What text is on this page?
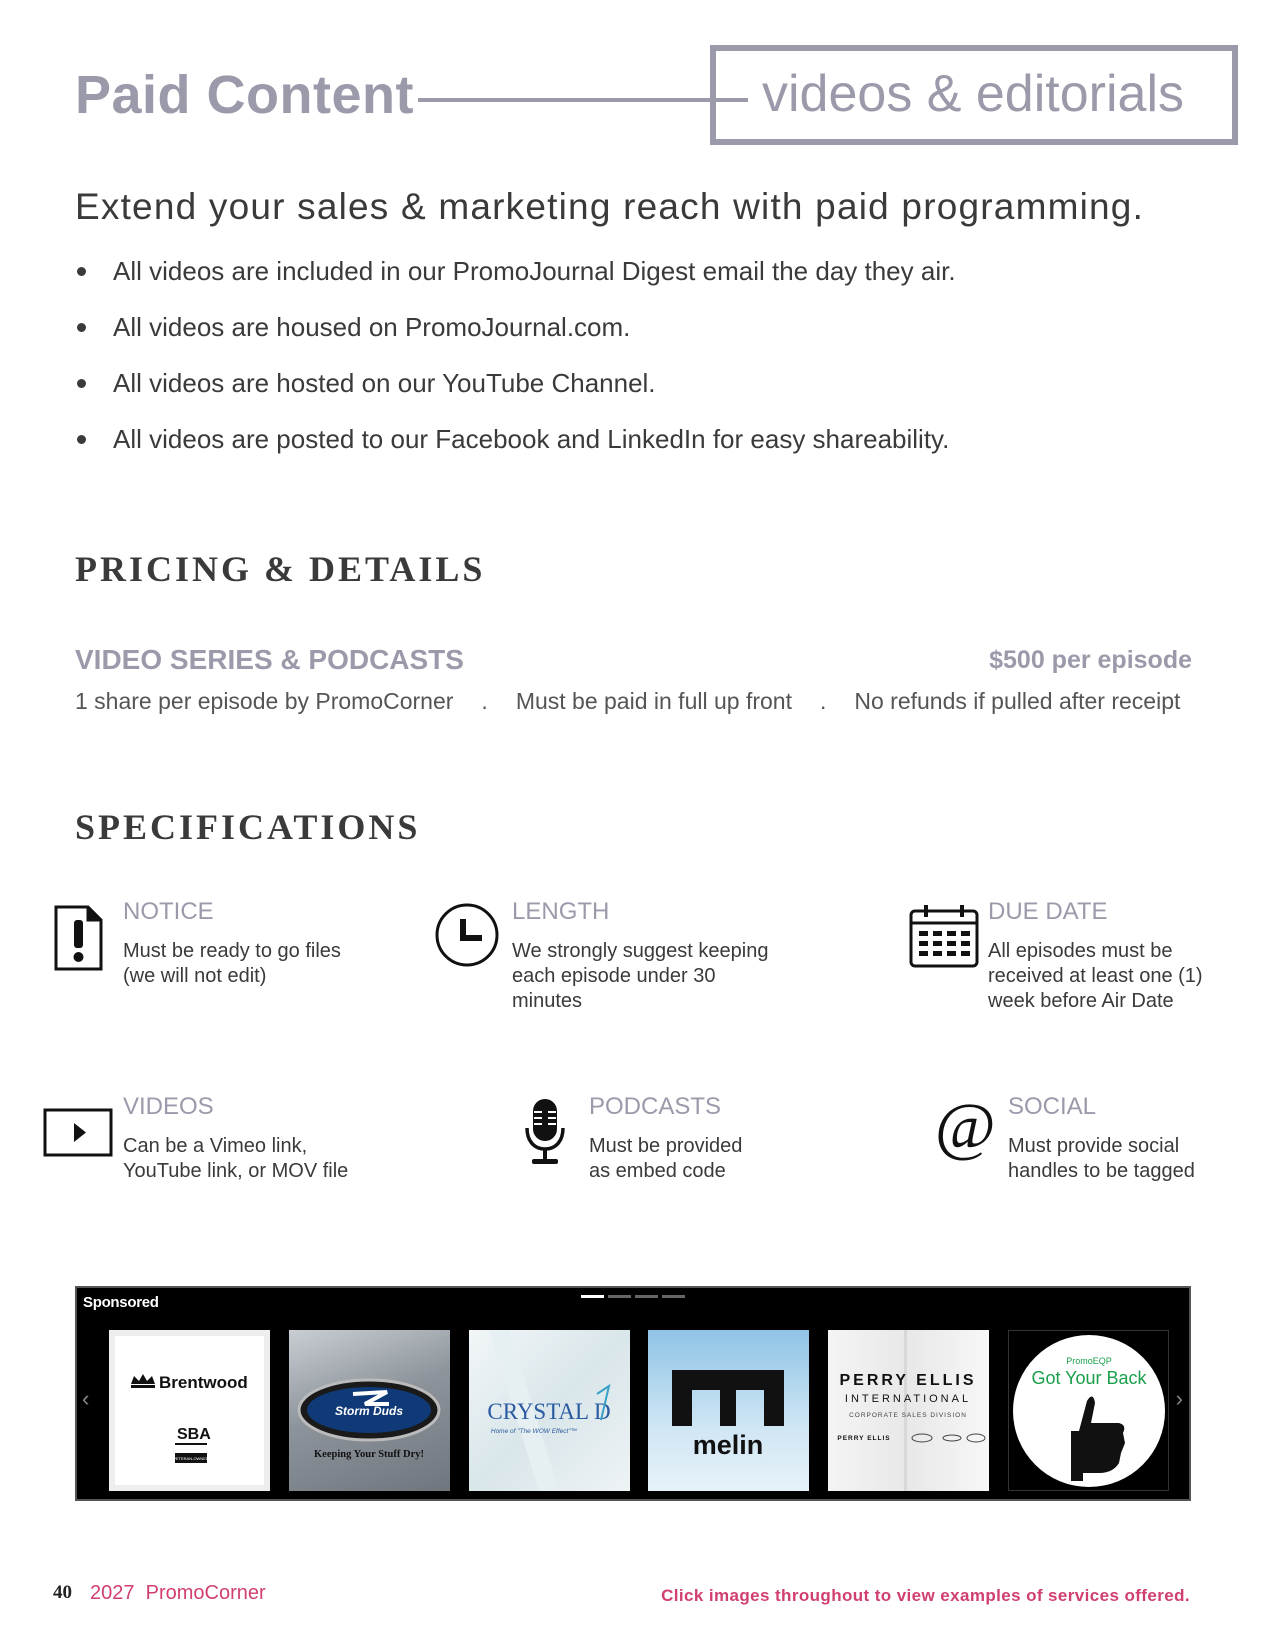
Paid Content	videos & editorials
Extend your sales & marketing reach with paid programming.
All videos are included in our PromoJournal Digest email the day they air.
All videos are housed on PromoJournal.com.
All videos are hosted on our YouTube Channel.
All videos are posted to our Facebook and LinkedIn for easy shareability.
PRICING & DETAILS
VIDEO SERIES & PODCASTS	$500 per episode
1 share per episode by PromoCorner . Must be paid in full up front . No refunds if pulled after receipt
SPECIFICATIONS
NOTICE
Must be ready to go files
(we will not edit)
LENGTH
We strongly suggest keeping
each episode under 30
minutes
DUE DATE
All episodes must be
received at least one (1)
week before Air Date
VIDEOS
Can be a Vimeo link,
YouTube link, or MOV file
PODCASTS
Must be provided
as embed code
@ SOCIAL
Must provide social
handles to be tagged
Sponsored
‹	›
Brentwood
SBA
VETERAN-OWNED
Storm Duds
Keeping Your Stuff Dry!
CRYSTAL D
Home of "The WOW Effect"™	melin
PERRY ELLIS
INTERNATIONAL
CORPORATE SALES DIVISION
PERRY ELLIS
PromoEQP
Got Your Back
40 2027  PromoCorner	Click images throughout to view examples of services offered.
